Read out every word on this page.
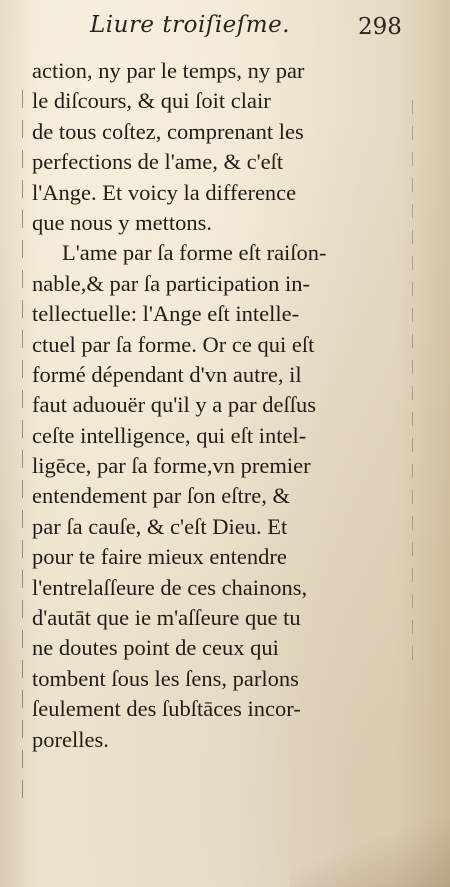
Liure troiſieſme.	298
action, ny par le temps, ny par
le diſcours, & qui ſoit clair
de tous coſtez, comprenant les
perfections de l'ame, & c'eſt
l'Ange. Et voicy la difference
que nous y mettons.
L'ame par ſa forme eſt raiſon-
nable,& par ſa participation in-
tellectuelle: l'Ange eſt intelle-
ctuel par ſa forme. Or ce qui eſt
formé dépendant d'vn autre, il
faut aduouër qu'il y a par deſſus
ceſte intelligence, qui eſt intel-
ligēce, par ſa forme,vn premier
entendement par ſon eſtre, &
par ſa cauſe, & c'eſt Dieu. Et
pour te faire mieux entendre
l'entrelaſſeure de ces chainons,
d'autāt que ie m'aſſeure que tu
ne doutes point de ceux qui
tombent ſous les ſens, parlons
ſeulement des ſubſtāces incor-
porelles.
